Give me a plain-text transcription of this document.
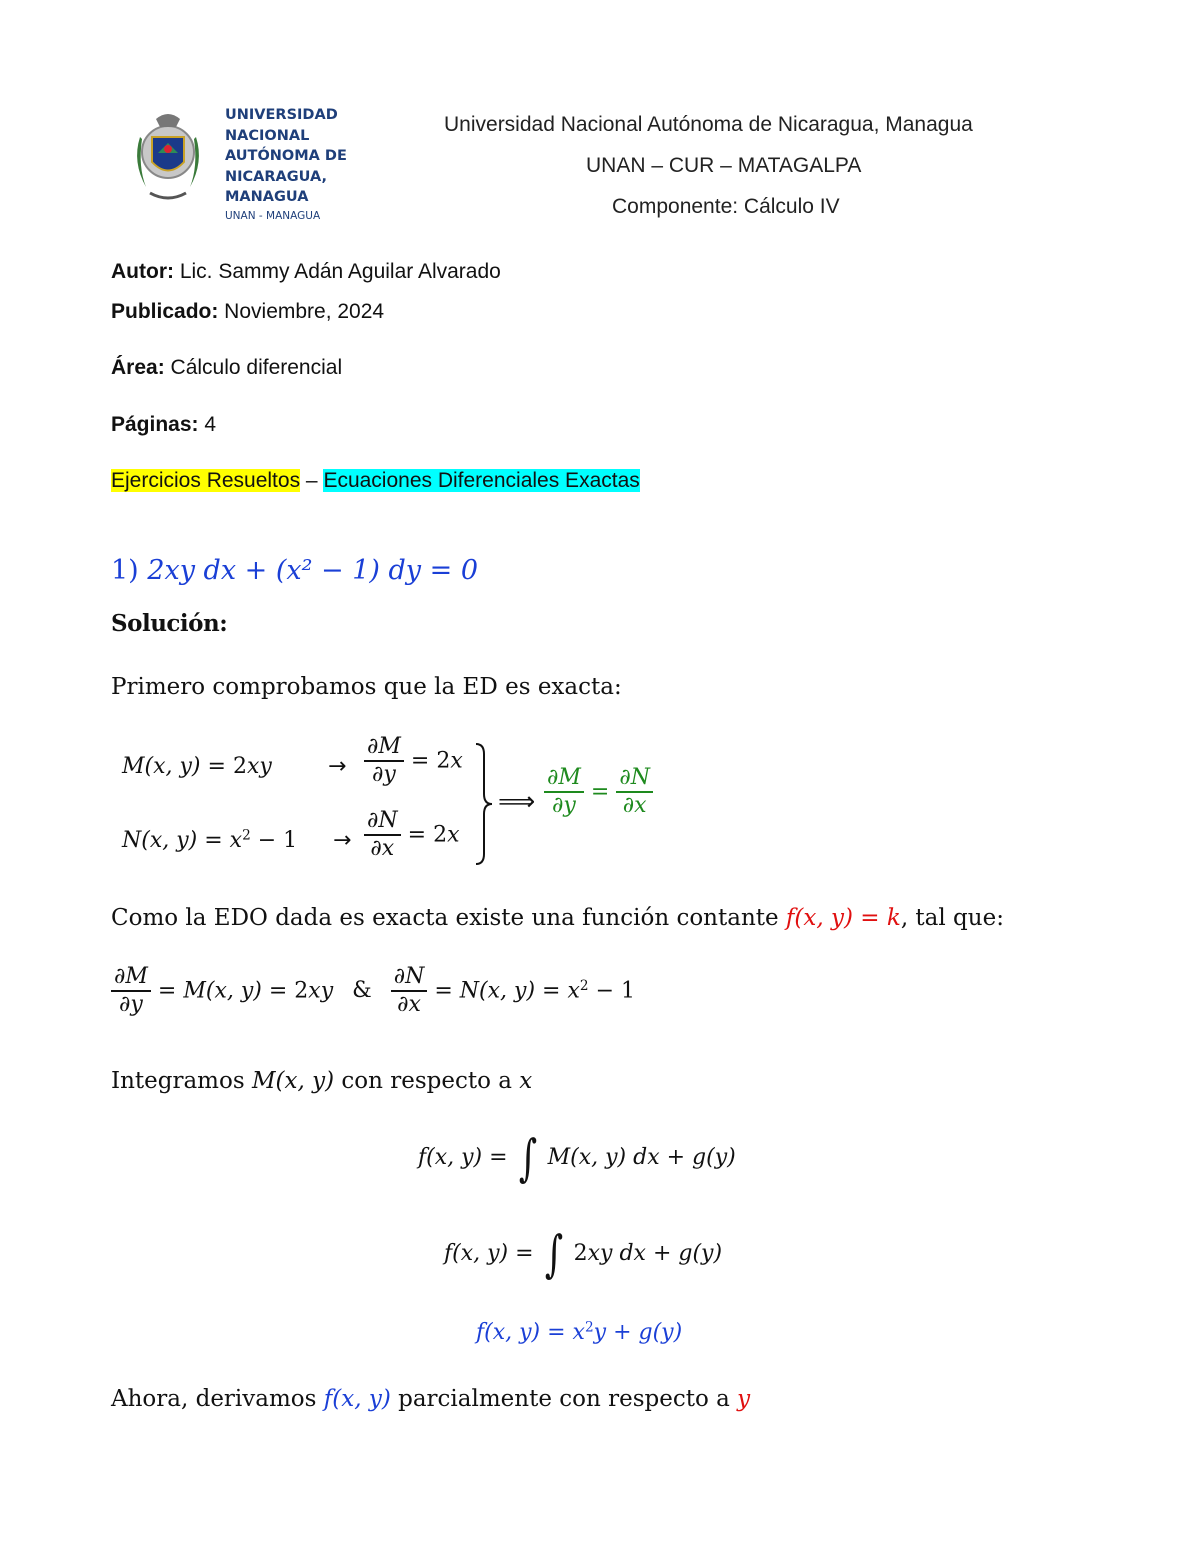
UNIVERSIDAD
NACIONAL
AUTÓNOMA DE
NICARAGUA,
MANAGUA
UNAN - MANAGUA
Universidad Nacional Autónoma de Nicaragua, Managua
UNAN – CUR – MATAGALPA
Componente: Cálculo IV
Autor: Lic. Sammy Adán Aguilar Alvarado
Publicado: Noviembre, 2024
Área: Cálculo diferencial
Páginas: 4
Ejercicios Resueltos – Ecuaciones Diferenciales Exactas
1) 2xy dx + (x² − 1) dy = 0
Solución:
Primero comprobamos que la ED es exacta:
M(x, y) = 2xy	→ $\frac{\partial M}{\partial y} = 2x$
N(x, $y) = x^2 - 1 \to \frac{\partial N}{\partial x} = 2x$
⟹ $\frac{\partial M}{\partial y} = \frac{\partial N}{\partial x}$
Como la EDO dada es exacta existe una función contante f(x, y) = k, tal que:
$\frac{\partial M}{\partial y} = M(x$, y) = 2xy & $\frac{\partial N}{\partial x} = N(x$, $y) = x^2 - 1$
Integramos M(x, y) con respecto a x
f(x, y) = ∫ M(x, y) dx + g(y)
f(x, y) = ∫ 2xy dx + g(y)
f(x, $y) = x^2y + g(y)$
Ahora, derivamos f(x, y) parcialmente con respecto a y
